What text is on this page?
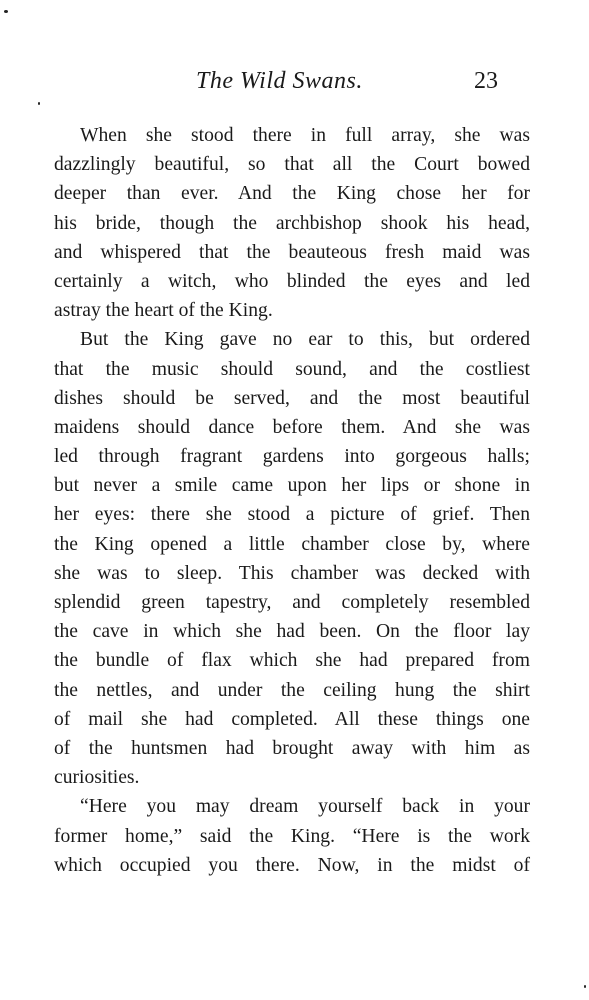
The Wild Swans.	23
When she stood there in full array, she was
dazzlingly beautiful, so that all the Court bowed
deeper than ever. And the King chose her for
his bride, though the archbishop shook his head,
and whispered that the beauteous fresh maid was
certainly a witch, who blinded the eyes and led
astray the heart of the King.
But the King gave no ear to this, but ordered
that the music should sound, and the costliest
dishes should be served, and the most beautiful
maidens should dance before them. And she was
led through fragrant gardens into gorgeous halls;
but never a smile came upon her lips or shone in
her eyes: there she stood a picture of grief. Then
the King opened a little chamber close by, where
she was to sleep. This chamber was decked with
splendid green tapestry, and completely resembled
the cave in which she had been. On the floor lay
the bundle of flax which she had prepared from
the nettles, and under the ceiling hung the shirt
of mail she had completed. All these things one
of the huntsmen had brought away with him as
curiosities.
“Here you may dream yourself back in your
former home,” said the King. “Here is the work
which occupied you there. Now, in the midst of
